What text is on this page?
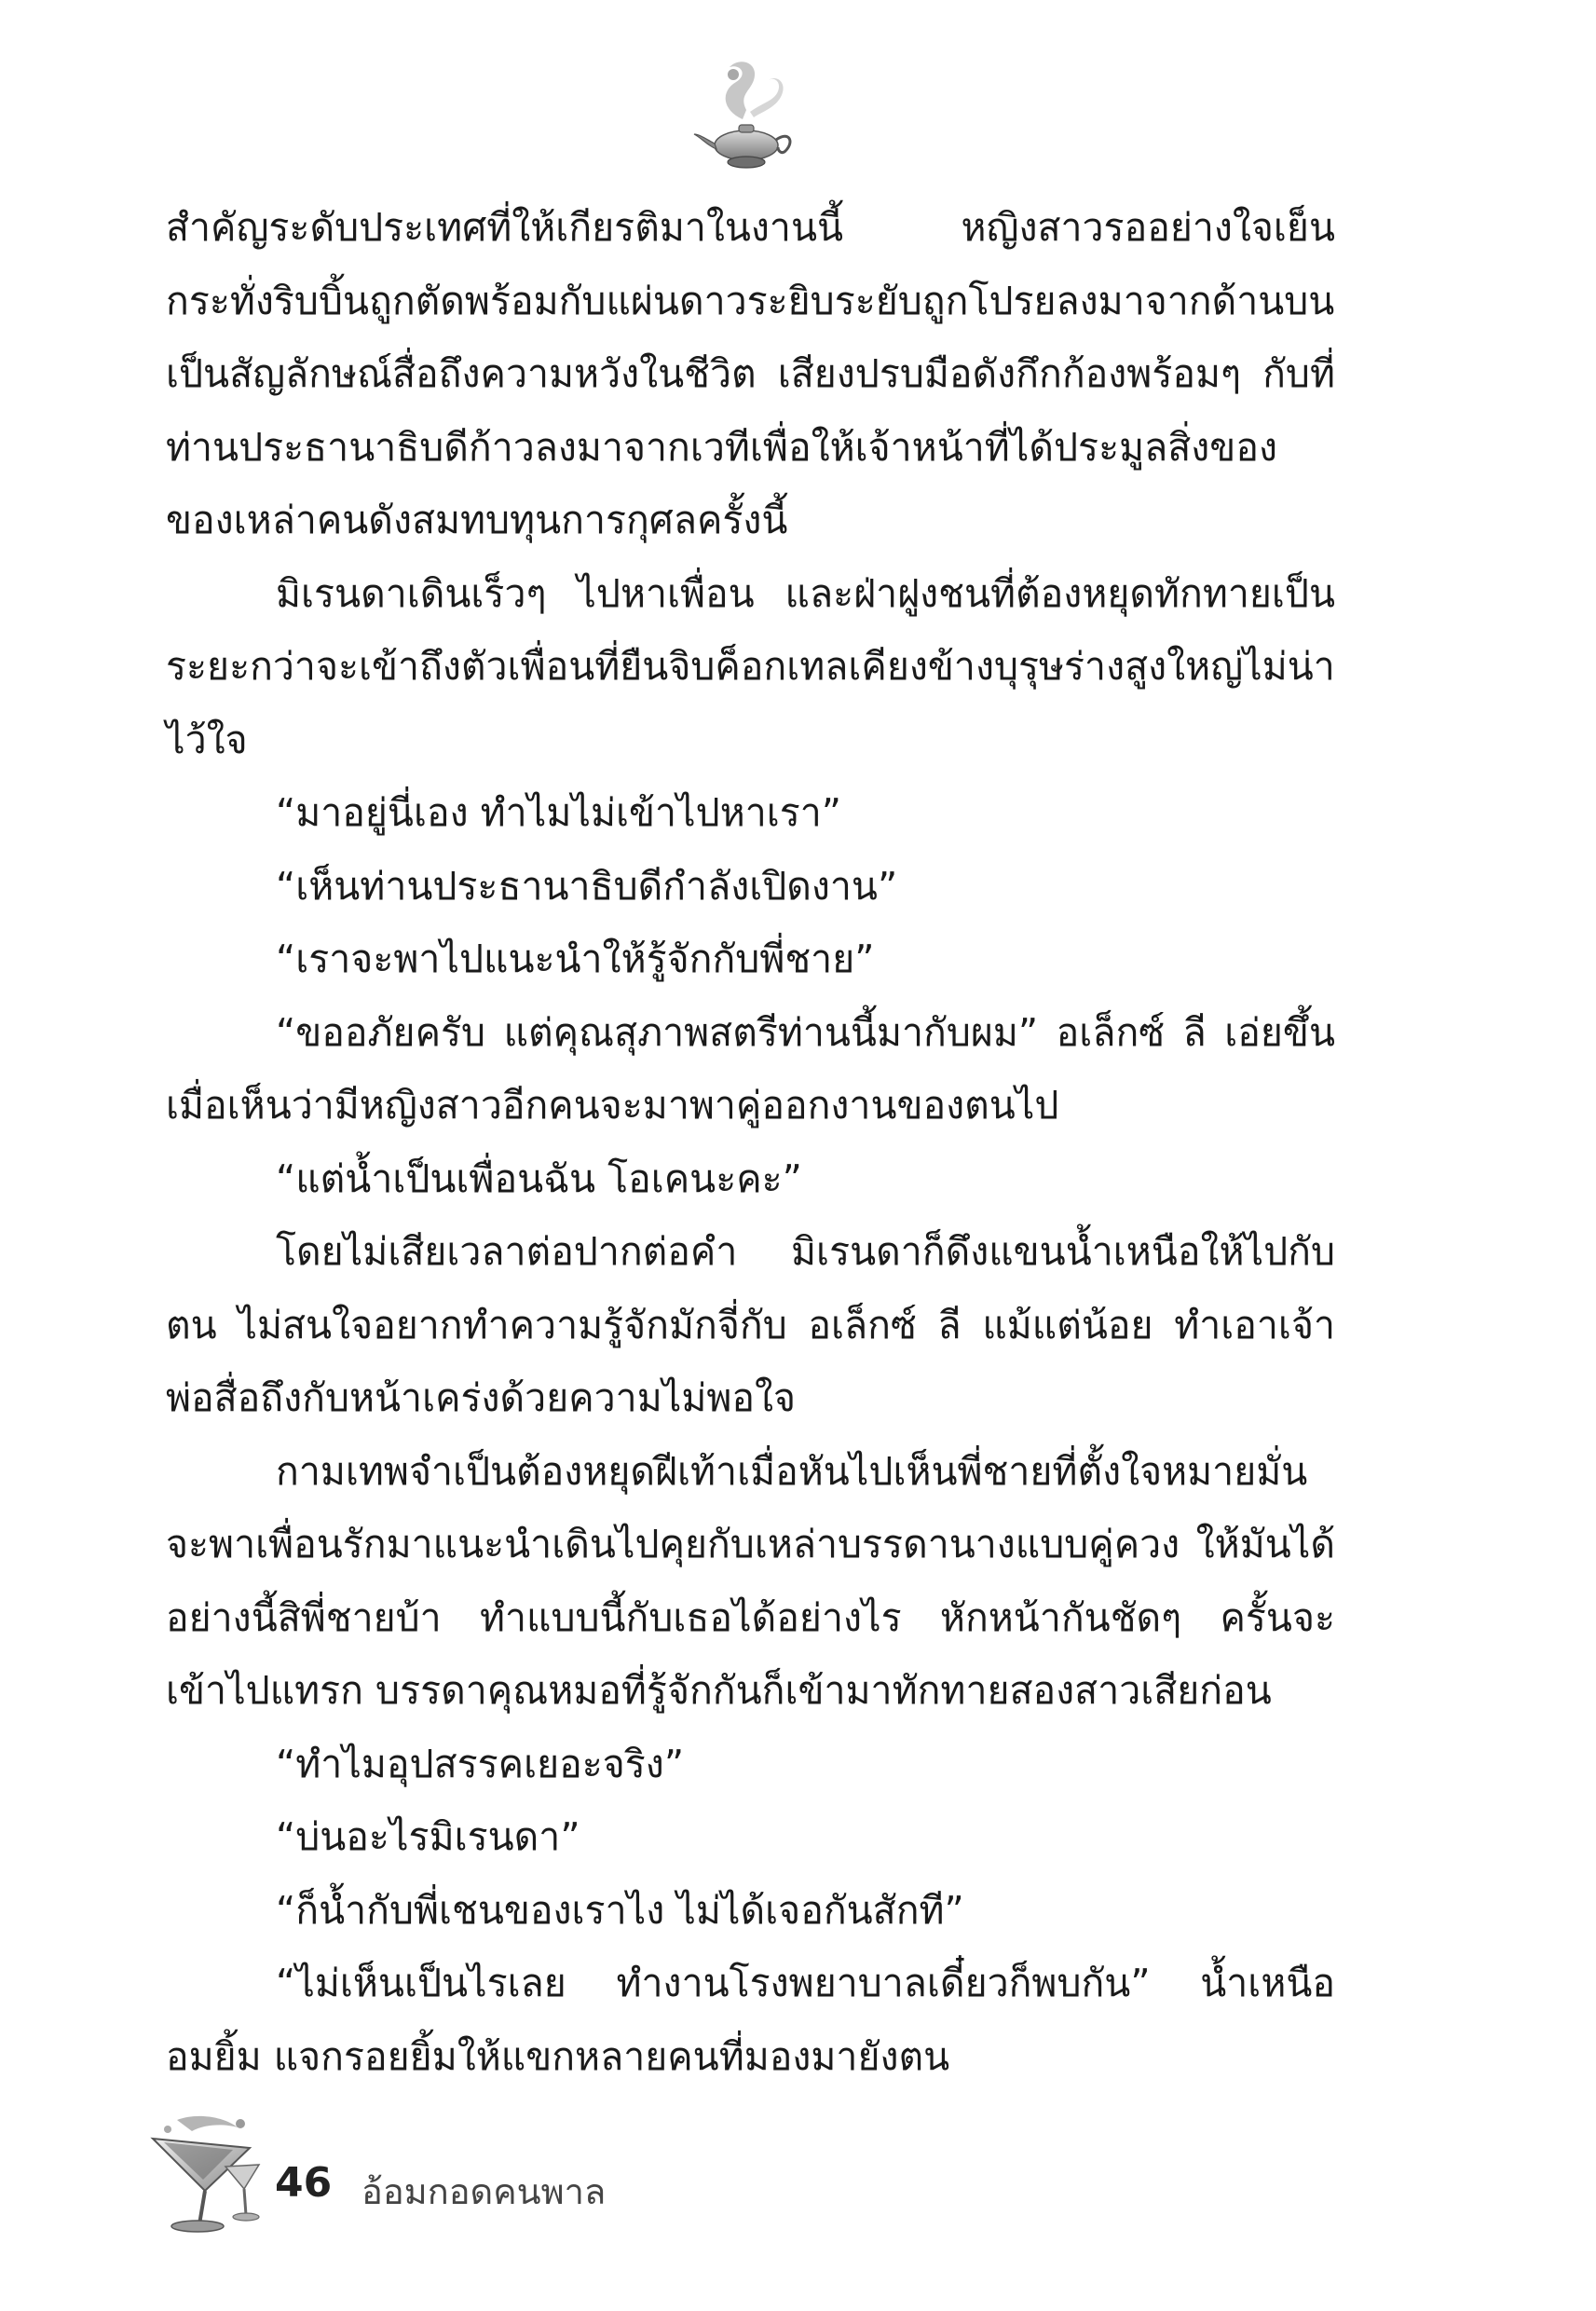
สำคัญระดับประเทศที่ให้เกียรติมาในงานนี้ หญิงสาวรออย่างใจเย็น กระทั่งริบบิ้นถูกตัดพร้อมกับแผ่นดาวระยิบระยับถูกโปรยลงมาจากด้านบน เป็นสัญลักษณ์สื่อถึงความหวังในชีวิต เสียงปรบมือดังกึกก้องพร้อมๆ กับที่ท่านประธานาธิบดีก้าวลงมาจากเวทีเพื่อให้เจ้าหน้าที่ได้ประมูลสิ่งของของเหล่าคนดังสมทบทุนการกุศลครั้งนี้

มิเรนดาเดินเร็วๆ ไปหาเพื่อน และฝ่าฝูงชนที่ต้องหยุดทักทายเป็นระยะกว่าจะเข้าถึงตัวเพื่อนที่ยืนจิบค็อกเทลเคียงข้างบุรุษร่างสูงใหญ่ไม่น่าไว้ใจ

“มาอยู่นี่เอง ทำไมไม่เข้าไปหาเรา”

“เห็นท่านประธานาธิบดีกำลังเปิดงาน”

“เราจะพาไปแนะนำให้รู้จักกับพี่ชาย”

“ขออภัยครับ แต่คุณสุภาพสตรีท่านนี้มากับผม” อเล็กซ์ ลี เอ่ยขึ้นเมื่อเห็นว่ามีหญิงสาวอีกคนจะมาพาคู่ออกงานของตนไป

“แต่น้ำเป็นเพื่อนฉัน โอเคนะคะ”

โดยไม่เสียเวลาต่อปากต่อคำ มิเรนดาก็ดึงแขนน้ำเหนือให้ไปกับตน ไม่สนใจอยากทำความรู้จักมักจี่กับ อเล็กซ์ ลี แม้แต่น้อย ทำเอาเจ้าพ่อสื่อถึงกับหน้าเคร่งด้วยความไม่พอใจ

กามเทพจำเป็นต้องหยุดฝีเท้าเมื่อหันไปเห็นพี่ชายที่ตั้งใจหมายมั่นจะพาเพื่อนรักมาแนะนำเดินไปคุยกับเหล่าบรรดานางแบบคู่ควง ให้มันได้อย่างนี้สิพี่ชายบ้า ทำแบบนี้กับเธอได้อย่างไร หักหน้ากันชัดๆ ครั้นจะเข้าไปแทรก บรรดาคุณหมอที่รู้จักกันก็เข้ามาทักทายสองสาวเสียก่อน

“ทำไมอุปสรรคเยอะจริง”

“บ่นอะไรมิเรนดา”

“ก็น้ำกับพี่เชนของเราไง ไม่ได้เจอกันสักที”

“ไม่เห็นเป็นไรเลย ทำงานโรงพยาบาลเดี๋ยวก็พบกัน” น้ำเหนืออมยิ้ม แจกรอยยิ้มให้แขกหลายคนที่มองมายังตน

46 อ้อมกอดคนพาล
